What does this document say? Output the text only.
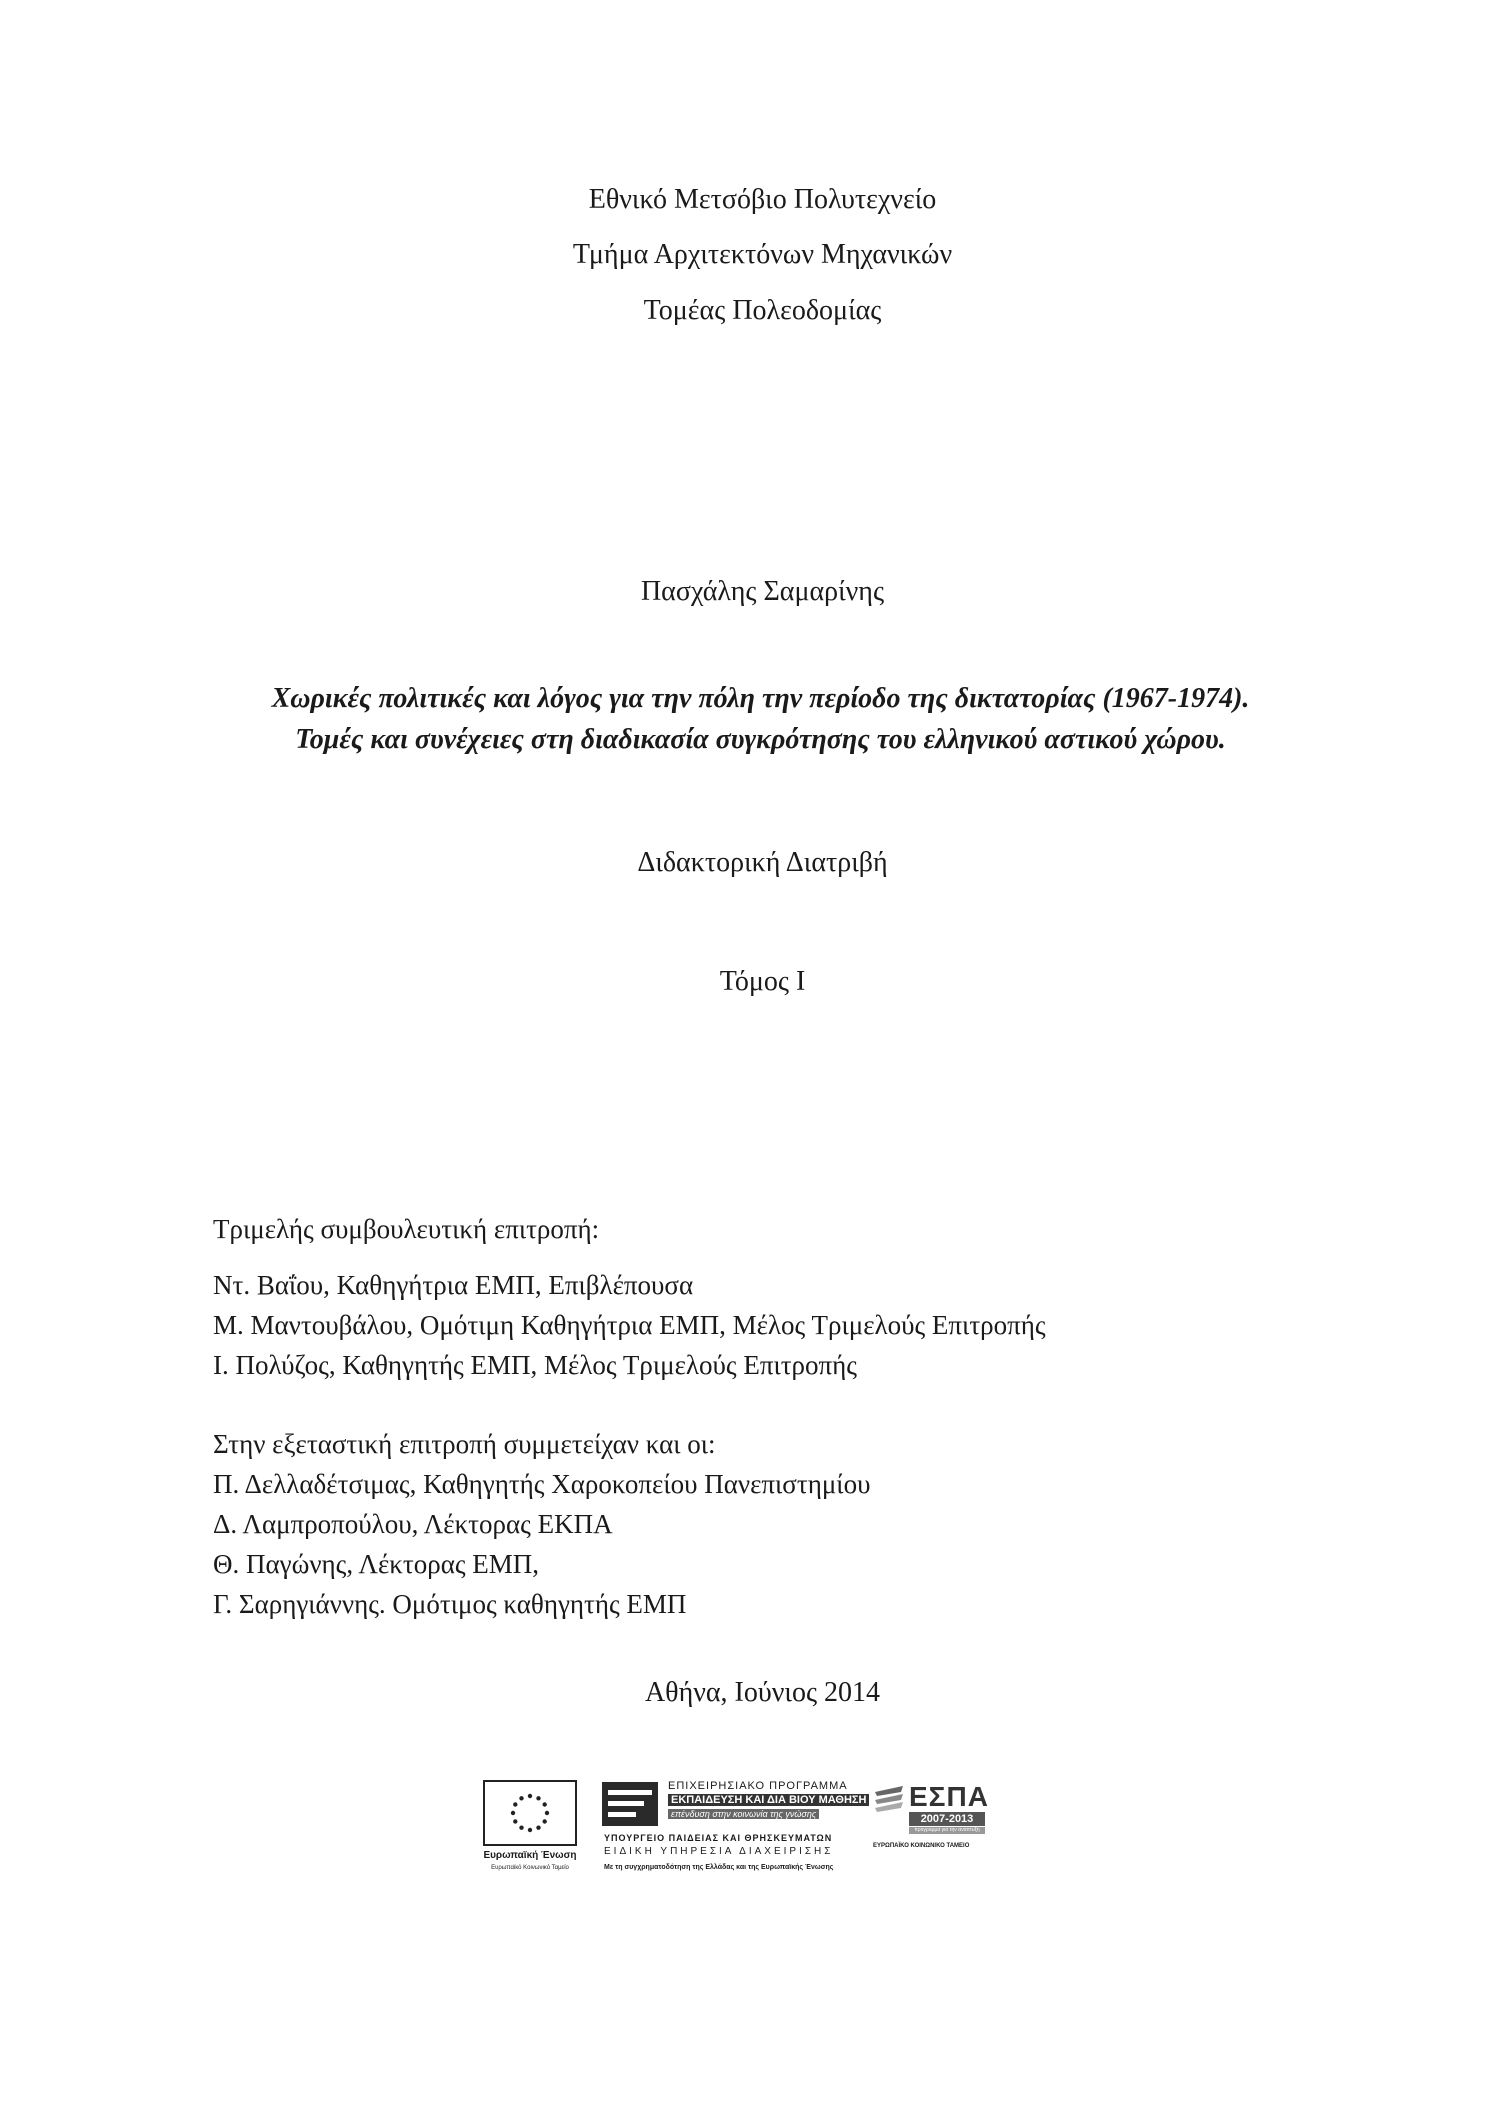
Εθνικό Μετσόβιο Πολυτεχνείο
Τμήμα Αρχιτεκτόνων Μηχανικών
Τομέας Πολεοδομίας
Πασχάλης Σαμαρίνης
Χωρικές πολιτικές και λόγος για την πόλη την περίοδο της δικτατορίας (1967-1974).
Τομές και συνέχειες στη διαδικασία συγκρότησης του ελληνικού αστικού χώρου.
Διδακτορική Διατριβή
Τόμος Ι
Τριμελής συμβουλευτική επιτροπή:
Ντ. Βαΐου, Καθηγήτρια ΕΜΠ, Επιβλέπουσα
Μ. Μαντουβάλου, Ομότιμη Καθηγήτρια ΕΜΠ, Μέλος Τριμελούς Επιτροπής
Ι. Πολύζος, Καθηγητής ΕΜΠ, Μέλος Τριμελούς Επιτροπής
Στην εξεταστική επιτροπή συμμετείχαν και οι:
Π. Δελλαδέτσιμας, Καθηγητής Χαροκοπείου Πανεπιστημίου
Δ. Λαμπροπούλου, Λέκτορας ΕΚΠΑ
Θ. Παγώνης, Λέκτορας ΕΜΠ,
Γ. Σαρηγιάννης. Ομότιμος καθηγητής ΕΜΠ
Αθήνα, Ιούνιος 2014
Ευρωπαϊκή Ένωση
Ευρωπαϊκό Κοινωνικό Ταμείο
ΕΠΙΧΕΙΡΗΣΙΑΚΟ ΠΡΟΓΡΑΜΜΑ
ΕΚΠΑΙΔΕΥΣΗ ΚΑΙ ΔΙΑ ΒΙΟΥ ΜΑΘΗΣΗ
επένδυση στην κοινωνία της γνώσης
ΥΠΟΥΡΓΕΙΟ ΠΑΙΔΕΙΑΣ ΚΑΙ ΘΡΗΣΚΕΥΜΑΤΩΝ
ΕΙΔΙΚΗ ΥΠΗΡΕΣΙΑ ΔΙΑΧΕΙΡΙΣΗΣ
Με τη συγχρηματοδότηση της Ελλάδας και της Ευρωπαϊκής Ένωσης
ΕΣΠΑ
2007-2013
πρόγραμμα για την ανάπτυξη
ΕΥΡΩΠΑΪΚΟ ΚΟΙΝΩΝΙΚΟ ΤΑΜΕΙΟ
